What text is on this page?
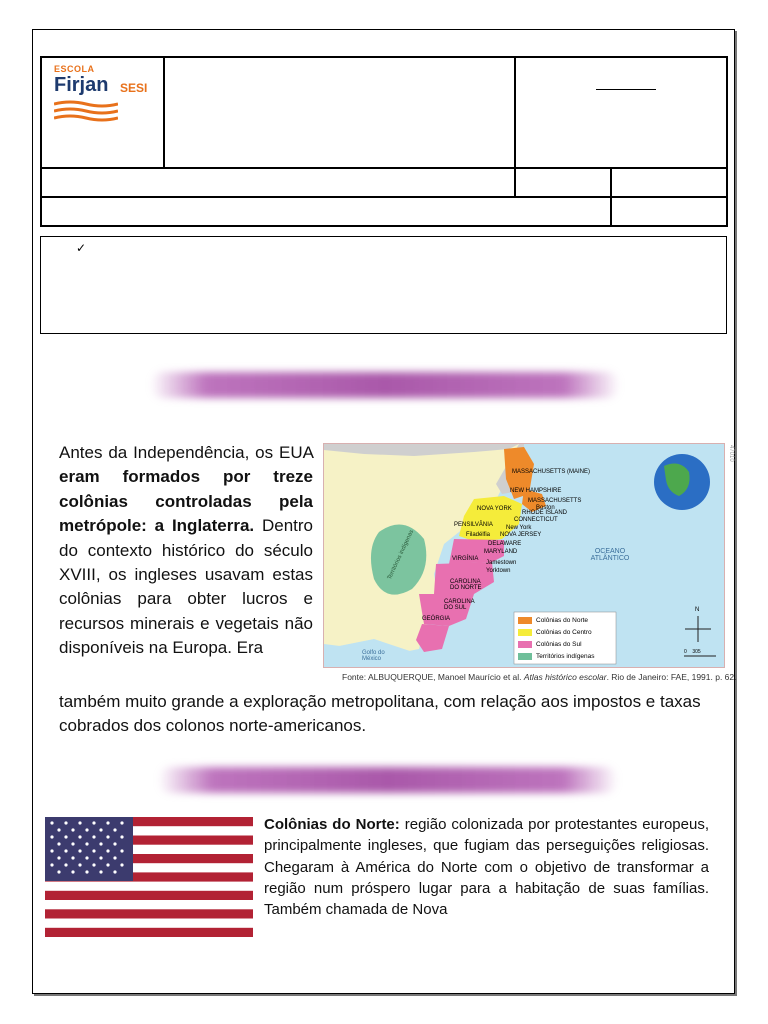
ESCOLA
Firjan SESI
✓
Antes da Independência, os EUA eram formados por treze colônias controladas pela metrópole: a Inglaterra. Dentro do contexto histórico do século XVIII, os ingleses usavam estas colônias para obter lucros e recursos minerais e vegetais não disponíveis na Europa. Era
também muito grande a exploração metropolitana, com relação aos impostos e taxas cobrados dos colonos norte-americanos.
MASSACHUSETTS (MAINE)
NEW HAMPSHIRE
MASSACHUSETTS
Boston
RHODE ISLAND
CONNECTICUT
NOVA YORK
New York
PENSILVÂNIA
Filadélfia NOVA JERSEY
DELAWARE
MARYLAND
VIRGÍNIA
Jamestown
Yorktown
CAROLINA DO NORTE
CAROLINA DO SUL
GEÓRGIA
OCEANO ATLÂNTICO
Golfo do México
Territórios indígenas
Colônias do Norte
Colônias do Centro
Colônias do Sul
Territórios indígenas
N
0    305
Fonte: ALBUQUERQUE, Manoel Maurício et al. Atlas histórico escolar. Rio de Janeiro: FAE, 1991. p. 62.
47010
Colônias do Norte: região colonizada por protestantes europeus, principalmente ingleses, que fugiam das perseguições religiosas. Chegaram à América do Norte com o objetivo de transformar a região num próspero lugar para a habitação de suas famílias. Também chamada de Nova
